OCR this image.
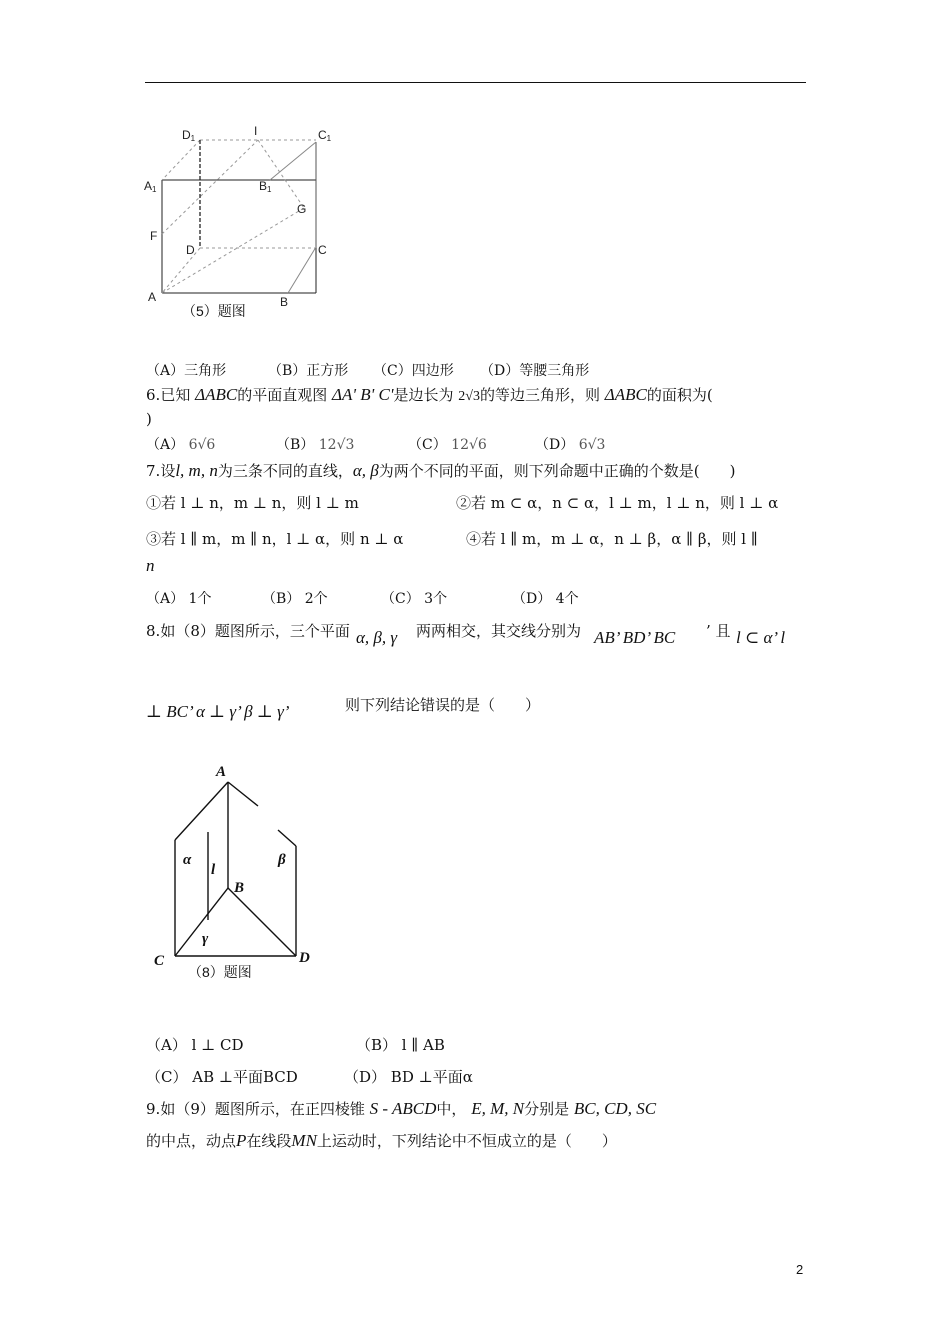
D1
I	C1
A1	B1
G
F
D	C
A	B
（5）题图
（A）三角形	（B）正方形 （C）四边形 （D）等腰三角形
6.已知 ΔABC的平面直观图 ΔA' B' C'是边长为 2√3的等边三角形，则 ΔABC的面积为(
)
（A） 6√6	（B） 12√3	（C） 12√6	（D） 6√3
7.设l, m, n为三条不同的直线，α, β为两个不同的平面，则下列命题中正确的个数是(　　)
①若 l ⊥ n，m ⊥ n，则 l ⊥ m	②若 m ⊂ α，n ⊂ α，l ⊥ m，l ⊥ n，则 l ⊥ α
③若 l ∥ m，m ∥ n，l ⊥ α，则 n ⊥ α	④若 l ∥ m，m ⊥ α，n ⊥ β，α ∥ β，则 l ∥
n
（A） 1个	（B） 2个	（C） 3个	（D） 4个
8.如（8）题图所示，三个平面 α, β, γ 两两相交，其交线分别为 AB’ BD’ BC ’ 且 l ⊂ α’ l
⊥ BC’ α ⊥ γ’ β ⊥ γ’	则下列结论错误的是（　　）
A
α
l
β
B
γ
C	D
（8）题图
（A） l ⊥ CD	（B） l ∥ AB
（C） AB ⊥平面BCD	（D） BD ⊥平面α
9.如（9）题图所示，在正四棱锥 S - ABCD中， E, M, N分别是 BC, CD, SC
的中点，动点P在线段MN上运动时，下列结论中不恒成立的是（　　）
2
